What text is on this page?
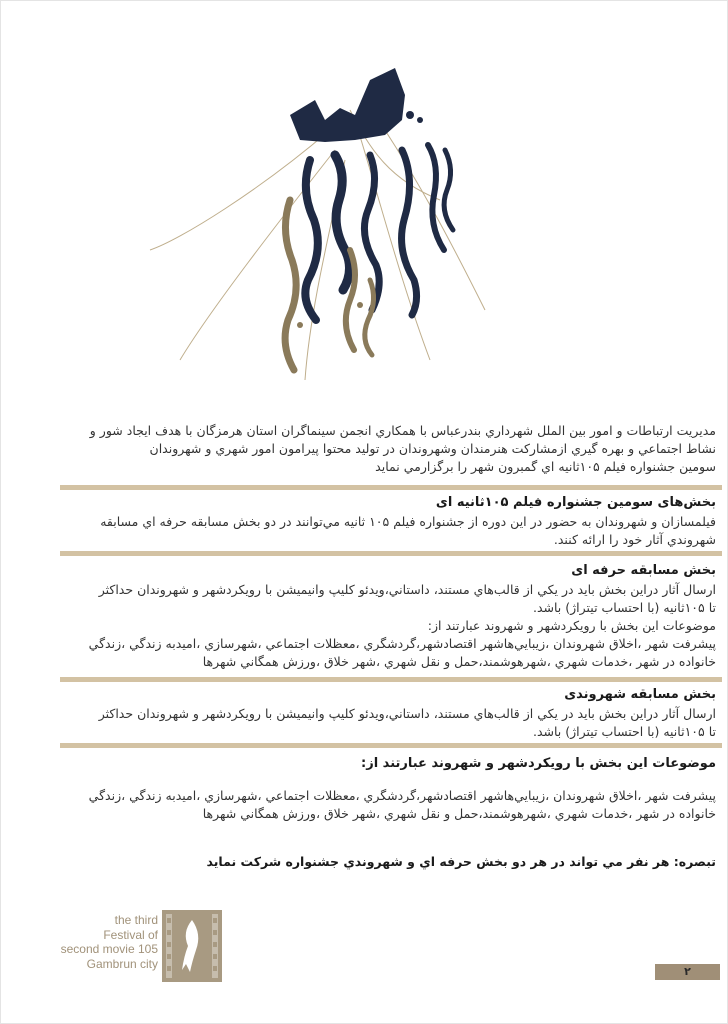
مديريت ارتباطات و امور بين الملل شهرداري بندرعباس با همكاري انجمن سينماگران استان هرمزگان با هدف ايجاد شور و

نشاط اجتماعي و بهره گيري ازمشاركت هنرمندان وشهروندان در توليد محتوا پيرامون امور شهري و شهروندان

سومين جشنواره فيلم ۱۰۵ثانيه اي گمبرون شهر را برگزارمي نمايد

بخش‌های سومین جشنواره فیلم ۱۰۵ثانیه ای

فيلمسازان و شهروندان به حضور در اين دوره از جشنواره فيلم ۱۰۵ ثانيه مي‌توانند در دو بخش مسابقه حرفه اي مسابقه

شهروندي آثار خود را ارائه كنند.

بخش مسابقه حرفه ای

ارسال آثار دراين بخش بايد در يكي از قالب‌هاي مستند، داستاني،ويدئو كليپ وانيميشن با رويكردشهر و شهروندان حداكثر

تا ۱۰۵ثانيه (با احتساب تيتراژ) باشد.

موضوعات اين بخش با رويكردشهر و شهروند عبارتند از:

پيشرفت شهر ،اخلاق شهروندان ،زيبايي‌هاشهر اقتصادشهر،گردشگري ،معظلات اجتماعي ،شهرسازي ،اميدبه زندگي ،زندگي

خانواده در شهر ،خدمات شهري ،شهرهوشمند،حمل و نقل شهري ،شهر خلاق ،ورزش همگاني شهرها

بخش مسابقه شهروندی

ارسال آثار دراين بخش بايد در يكي از قالب‌هاي مستند، داستاني،ويدئو كليپ وانيميشن با رويكردشهر و شهروندان حداكثر

تا ۱۰۵ثانيه (با احتساب تيتراژ) باشد.

موضوعات اين بخش با رويكردشهر و شهروند عبارتند از:

پيشرفت شهر ،اخلاق شهروندان ،زيبايي‌هاشهر اقتصادشهر،گردشگري ،معظلات اجتماعي ،شهرسازي ،اميدبه زندگي ،زندگي

خانواده در شهر ،خدمات شهري ،شهرهوشمند،حمل و نقل شهري ،شهر خلاق ،ورزش همگاني شهرها

تبصره: هر نفر مي تواند در هر دو بخش حرفه اي و شهروندي جشنواره شركت نمايد

the third
Festival of
second movie 105
Gambrun city
۲
